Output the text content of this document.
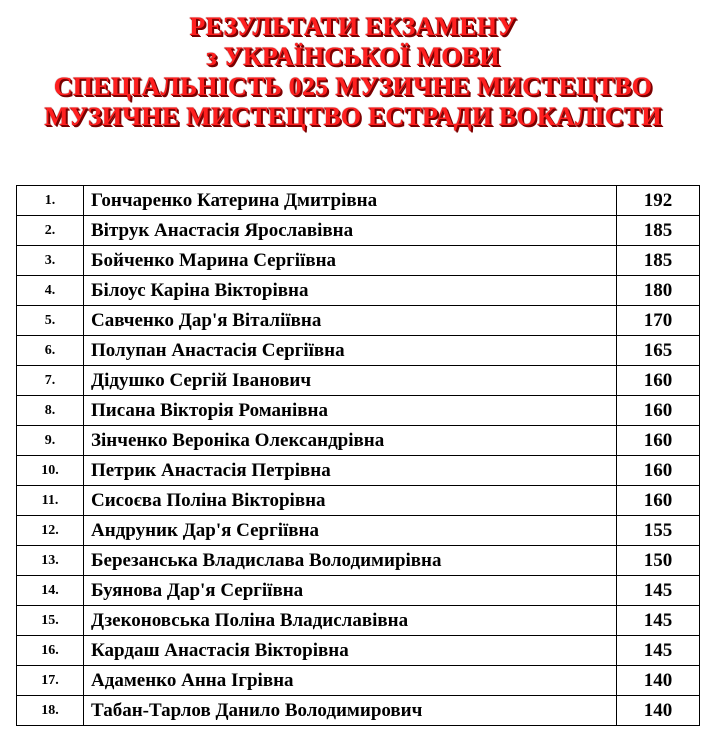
РЕЗУЛЬТАТИ ЕКЗАМЕНУ
з УКРАЇНСЬКОЇ МОВИ
СПЕЦІАЛЬНІСТЬ 025 МУЗИЧНЕ МИСТЕЦТВО
МУЗИЧНЕ МИСТЕЦТВО ЕСТРАДИ ВОКАЛІСТИ
1.	Гончаренко Катерина Дмитрівна	192
2.	Вітрук Анастасія Ярославівна	185
3.	Бойченко Марина Сергіївна	185
4.	Білоус Каріна Вікторівна	180
5.	Савченко Дар'я Віталіївна	170
6.	Полупан Анастасія Сергіївна	165
7.	Дідушко Сергій Іванович	160
8.	Писана Вікторія Романівна	160
9.	Зінченко Вероніка Олександрівна	160
10.	Петрик Анастасія Петрівна	160
11.	Сисоєва Поліна Вікторівна	160
12.	Андруник Дар'я Сергіївна	155
13.	Березанська Владислава Володимирівна	150
14.	Буянова Дар'я Сергіївна	145
15.	Дзеконовська Поліна Владиславівна	145
16.	Кардаш Анастасія Вікторівна	145
17.	Адаменко Анна Ігрівна	140
18.	Табан-Тарлов Данило Володимирович	140
